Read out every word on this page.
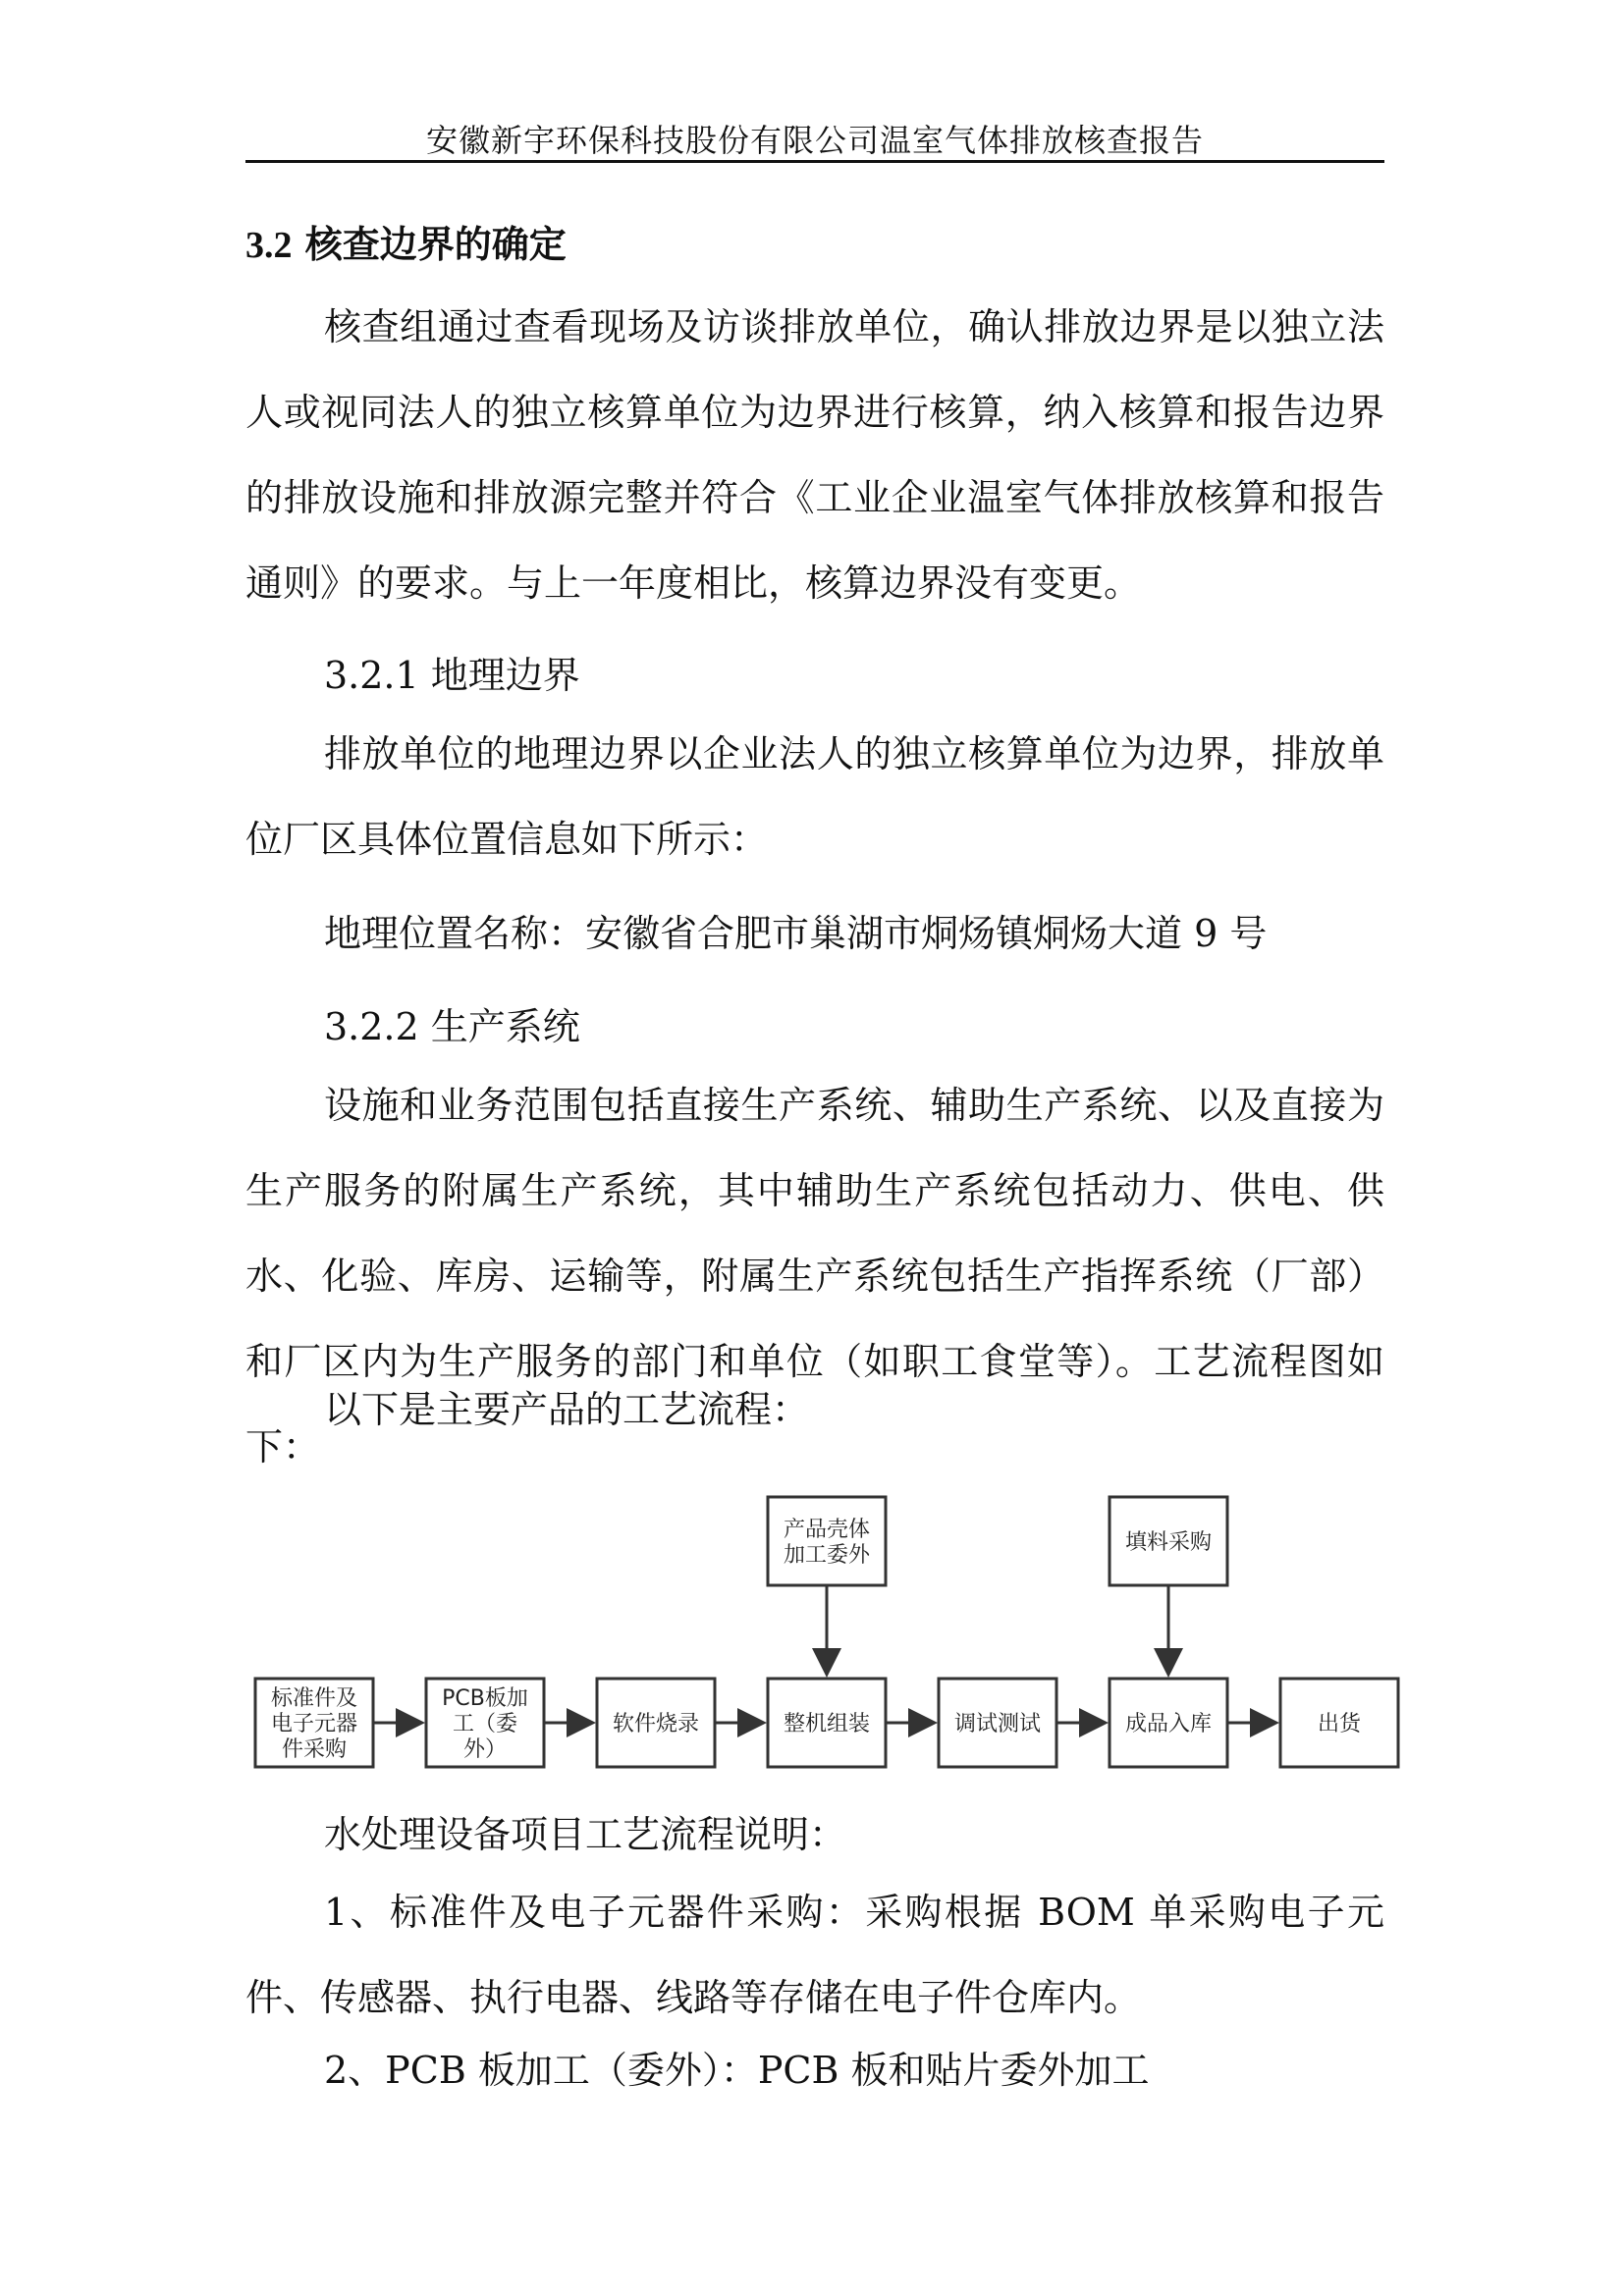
安徽新宇环保科技股份有限公司温室气体排放核查报告
3.2 核查边界的确定

核查组通过查看现场及访谈排放单位，确认排放边界是以独立法人或视同法人的独立核算单位为边界进行核算，纳入核算和报告边界的排放设施和排放源完整并符合《工业企业温室气体排放核算和报告通则》的要求。与上一年度相比，核算边界没有变更。

3.2.1 地理边界

排放单位的地理边界以企业法人的独立核算单位为边界，排放单位厂区具体位置信息如下所示：

地理位置名称：安徽省合肥市巢湖市烔炀镇烔炀大道 9 号
3.2.2 生产系统

设施和业务范围包括直接生产系统、辅助生产系统、以及直接为生产服务的附属生产系统，其中辅助生产系统包括动力、供电、供水、化验、库房、运输等，附属生产系统包括生产指挥系统（厂部）和厂区内为生产服务的部门和单位（如职工食堂等）。工艺流程图如下：

以下是主要产品的工艺流程：
标准件及
电子元器
件采购
PCB板加
工（委
外）
软件烧录	整机组装	调试测试	成品入库	出货
产品壳体
加工委外
填料采购
水处理设备项目工艺流程说明：

1、标准件及电子元器件采购：采购根据 BOM 单采购电子元件、传感器、执行电器、线路等存储在电子件仓库内。

2、PCB 板加工（委外）：PCB 板和贴片委外加工
